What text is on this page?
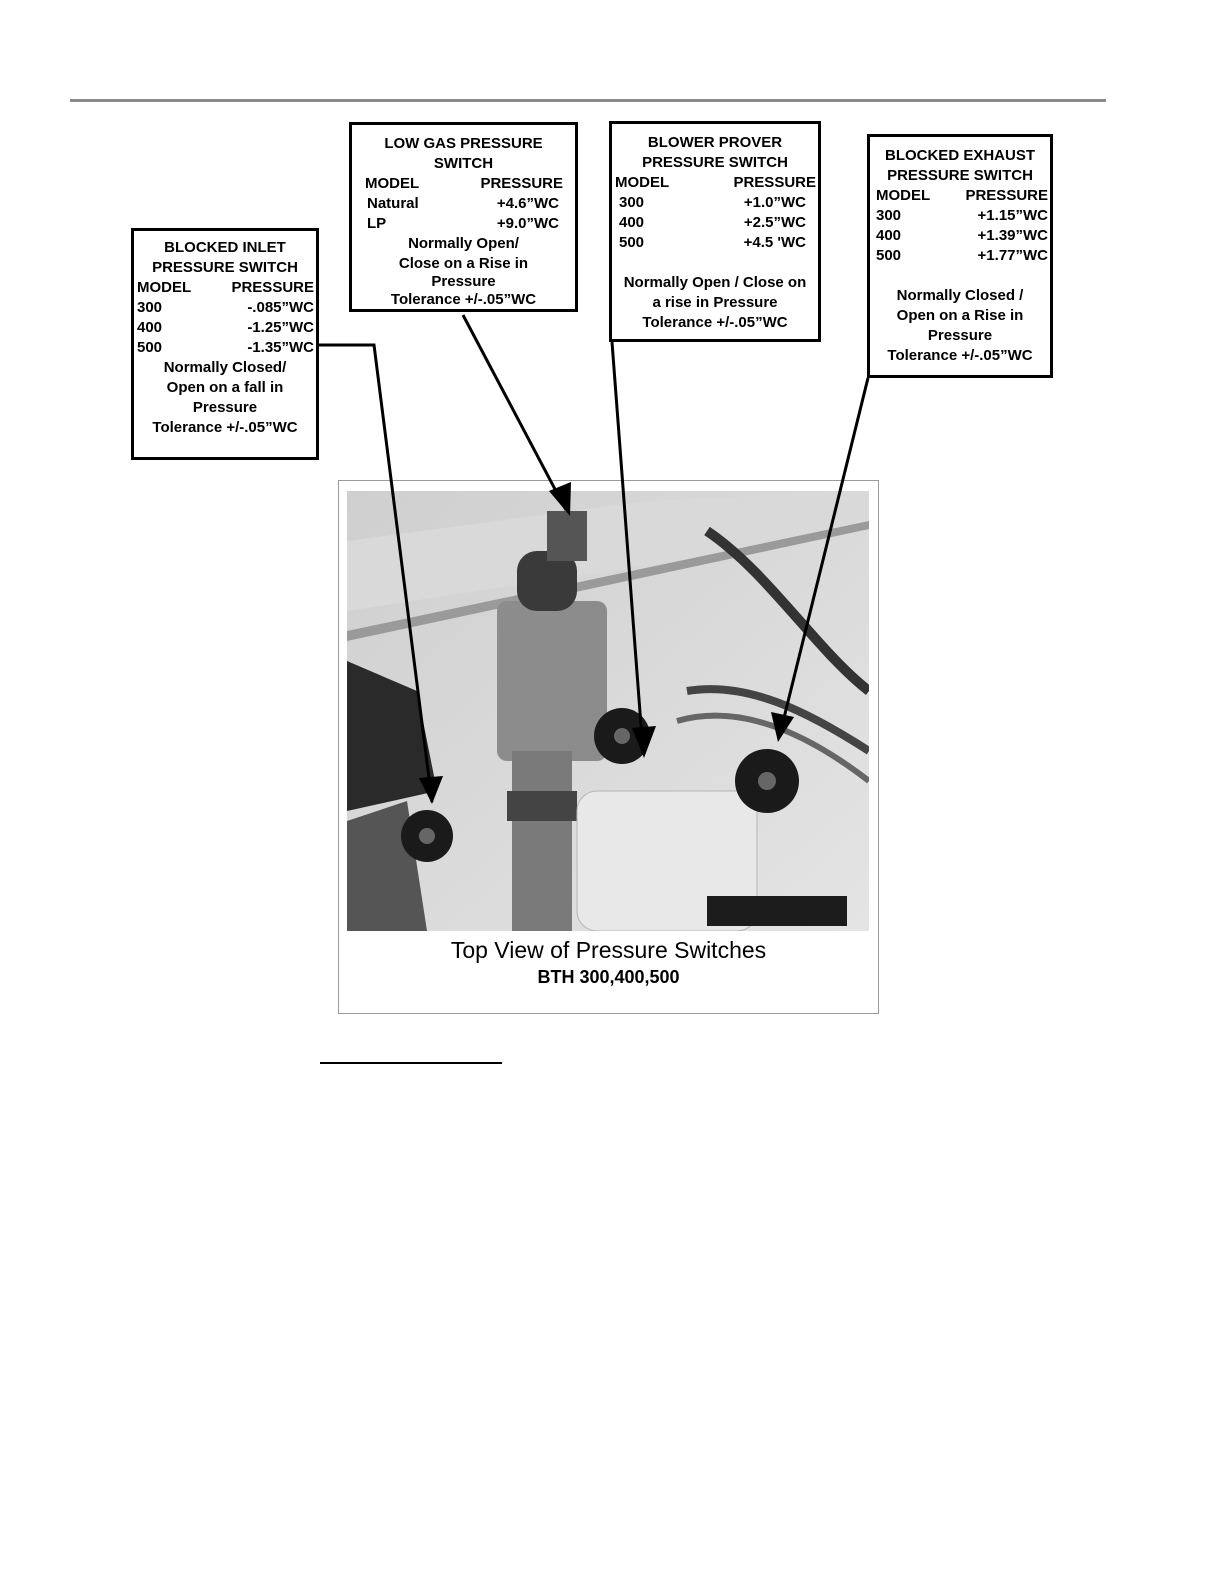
BLOCKED INLET
PRESSURE SWITCH
MODEL	PRESSURE
300	-.085”WC
400	-1.25”WC
500	-1.35”WC
Normally Closed/
Open on a fall in
Pressure
Tolerance +/-.05”WC
LOW GAS PRESSURE
SWITCH
MODEL	PRESSURE
Natural	+4.6”WC
LP	+9.0”WC
Normally Open/
Close on a Rise in
Pressure
Tolerance +/-.05”WC
BLOWER PROVER
PRESSURE SWITCH
MODEL	PRESSURE
300	+1.0”WC
400	+2.5”WC
500	+4.5 'WC
Normally Open / Close on
a rise in Pressure
Tolerance +/-.05”WC
BLOCKED EXHAUST
PRESSURE SWITCH
MODEL PRESSURE
300	+1.15”WC
400	+1.39”WC
500	+1.77”WC
Normally Closed /
Open on a Rise in
Pressure
Tolerance +/-.05”WC
Top View of Pressure Switches
BTH 300,400,500
